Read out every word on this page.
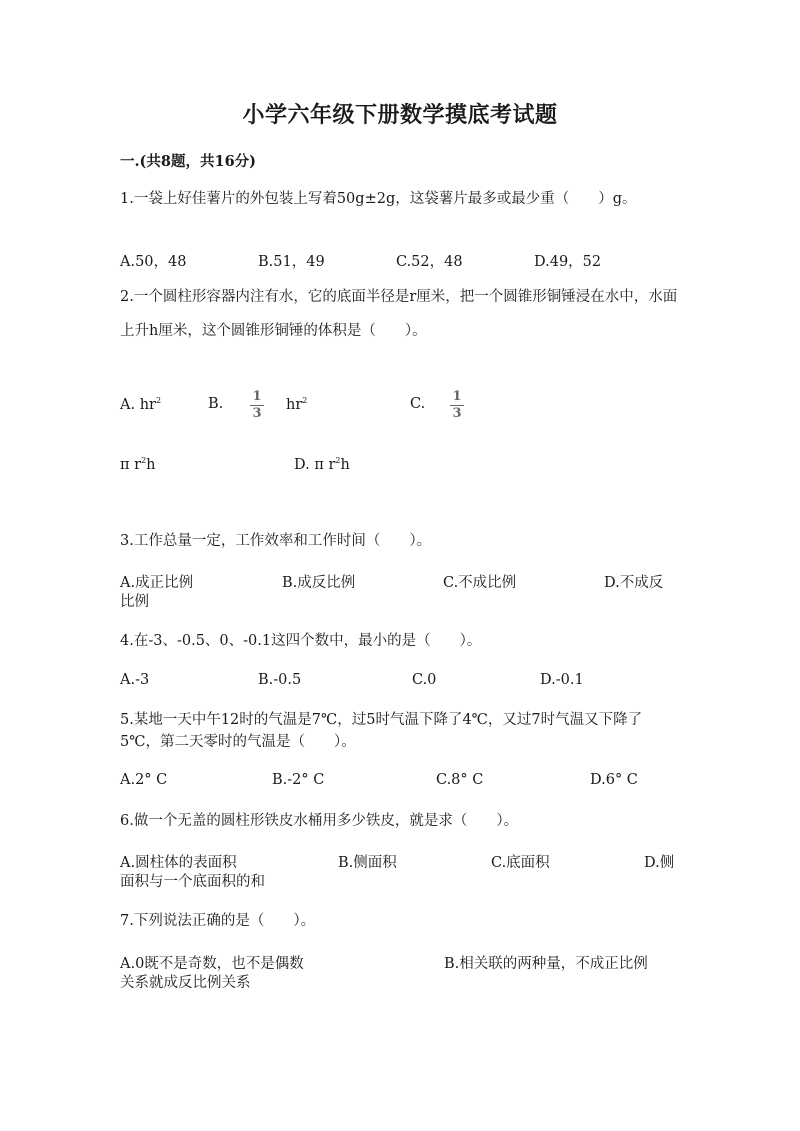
小学六年级下册数学摸底考试题
一.(共8题，共16分)
1.一袋上好佳薯片的外包装上写着50g±2g，这袋薯片最多或最少重（　　）g。
A.50，48	B.51，49	C.52，48	D.49，52
2.一个圆柱形容器内注有水，它的底面半径是r厘米，把一个圆锥形铜锤浸在水中，水面上升h厘米，这个圆锥形铜锤的体积是（　　）。
A. $hr^2$	B. 1
3
$hr^2$	C. 1
3
π $r^2h$	D. π $r^2h$
3.工作总量一定，工作效率和工作时间（　　）。
A.成正比例	B.成反比例	C.不成比例	D.不成反
比例
4.在-3、-0.5、0、-0.1这四个数中，最小的是（　　）。
A.-3	B.-0.5	C.0	D.-0.1
5.某地一天中午12时的气温是7℃，过5时气温下降了4℃，又过7时气温又下降了5℃，第二天零时的气温是（　　）。
A.2° C	B.-2° C	C.8° C	D.6° C
6.做一个无盖的圆柱形铁皮水桶用多少铁皮，就是求（　　）。
A.圆柱体的表面积	B.侧面积	C.底面积	D.侧
面积与一个底面积的和
7.下列说法正确的是（　　）。
A.0既不是奇数，也不是偶数	B.相关联的两种量，不成正比例
关系就成反比例关系
